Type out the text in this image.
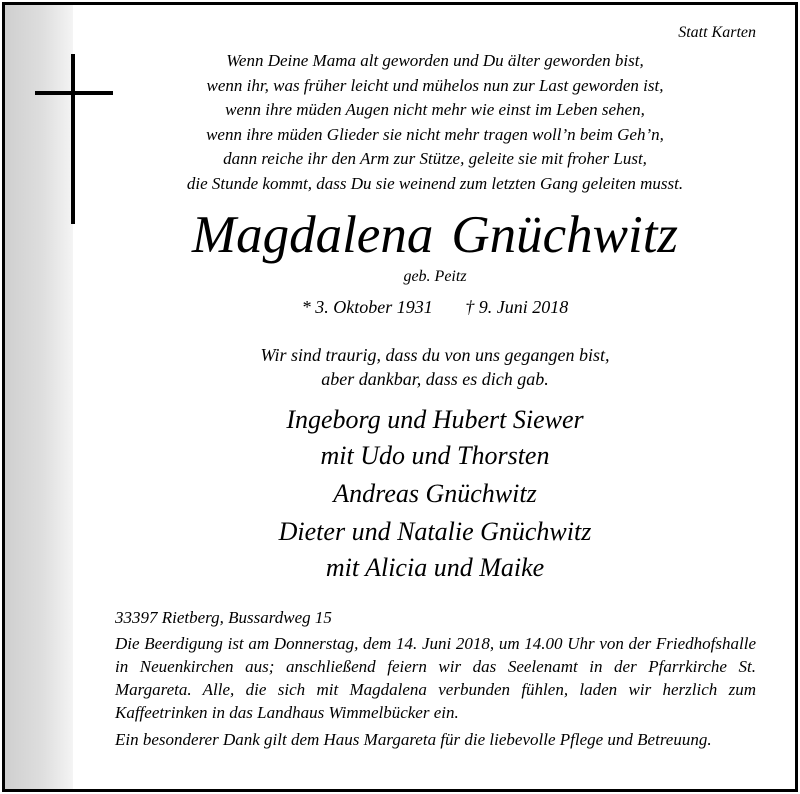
Statt Karten
Wenn Deine Mama alt geworden und Du älter geworden bist,
wenn ihr, was früher leicht und mühelos nun zur Last geworden ist,
wenn ihre müden Augen nicht mehr wie einst im Leben sehen,
wenn ihre müden Glieder sie nicht mehr tragen woll’n beim Geh’n,
dann reiche ihr den Arm zur Stütze, geleite sie mit froher Lust,
die Stunde kommt, dass Du sie weinend zum letzten Gang geleiten musst.
Magdalena Gnüchwitz
geb. Peitz
* 3. Oktober 1931 † 9. Juni 2018
Wir sind traurig, dass du von uns gegangen bist,
aber dankbar, dass es dich gab.
Ingeborg und Hubert Siewer
mit Udo und Thorsten
Andreas Gnüchwitz
Dieter und Natalie Gnüchwitz
mit Alicia und Maike
33397 Rietberg, Bussardweg 15
Die Beerdigung ist am Donnerstag, dem 14. Juni 2018, um 14.00 Uhr von der Friedhofshalle in Neuenkirchen aus; anschließend feiern wir das Seelenamt in der Pfarrkirche St. Margareta. Alle, die sich mit Magdalena verbunden fühlen, laden wir herzlich zum Kaffeetrinken in das Landhaus Wimmelbücker ein.
Ein besonderer Dank gilt dem Haus Margareta für die liebevolle Pflege und Betreuung.
